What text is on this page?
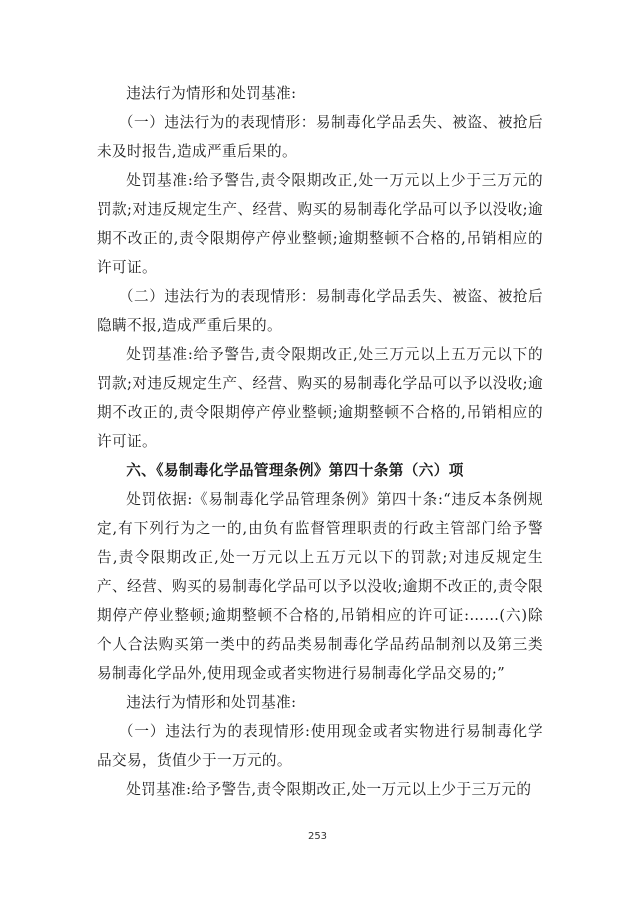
违法行为情形和处罚基准:

（一）违法行为的表现情形：易制毒化学品丢失、被盗、被抢后未及时报告,造成严重后果的。

处罚基准:给予警告,责令限期改正,处一万元以上少于三万元的罚款;对违反规定生产、经营、购买的易制毒化学品可以予以没收;逾期不改正的,责令限期停产停业整顿;逾期整顿不合格的,吊销相应的许可证。

（二）违法行为的表现情形：易制毒化学品丢失、被盗、被抢后隐瞒不报,造成严重后果的。

处罚基准:给予警告,责令限期改正,处三万元以上五万元以下的罚款;对违反规定生产、经营、购买的易制毒化学品可以予以没收;逾期不改正的,责令限期停产停业整顿;逾期整顿不合格的,吊销相应的许可证。

六、《易制毒化学品管理条例》第四十条第（六）项

处罚依据:《易制毒化学品管理条例》第四十条:“违反本条例规定,有下列行为之一的,由负有监督管理职责的行政主管部门给予警告,责令限期改正,处一万元以上五万元以下的罚款;对违反规定生产、经营、购买的易制毒化学品可以予以没收;逾期不改正的,责令限期停产停业整顿;逾期整顿不合格的,吊销相应的许可证:……(六)除个人合法购买第一类中的药品类易制毒化学品药品制剂以及第三类易制毒化学品外,使用现金或者实物进行易制毒化学品交易的;”

违法行为情形和处罚基准:

（一）违法行为的表现情形:使用现金或者实物进行易制毒化学品交易，货值少于一万元的。

处罚基准:给予警告,责令限期改正,处一万元以上少于三万元的

253
